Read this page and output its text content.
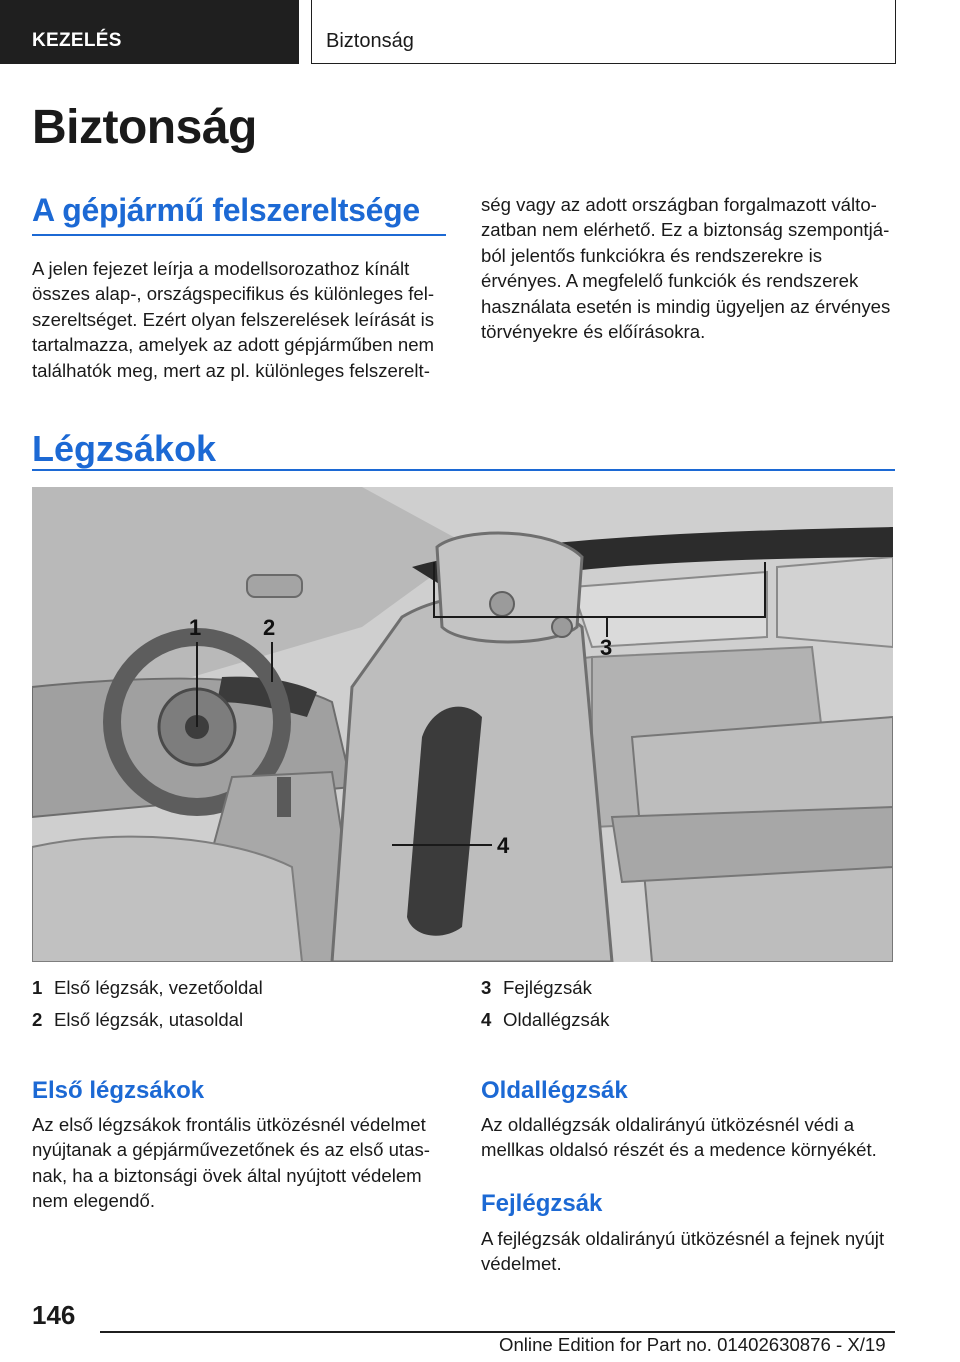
KEZELÉS	Biztonság
Biztonság
A gépjármű felszereltsége
A jelen fejezet leírja a modellsorozathoz kínált összes alap-, országspecifikus és különleges fel-szereltséget. Ezért olyan felszerelések leírását is tartalmazza, amelyek az adott gépjárműben nem találhatók meg, mert az pl. különleges felszerelt-
ség vagy az adott országban forgalmazott válto-zatban nem elérhető. Ez a biztonság szempontjá-ból jelentős funkciókra és rendszerekre is érvényes. A megfelelő funkciók és rendszerek használata esetén is mindig ügyeljen az érvényes törvényekre és előírásokra.
Légzsákok
1	2
3
4
1 Első légzsák, vezetőoldal
2 Első légzsák, utasoldal
3 Fejlégzsák
4 Oldallégzsák
Első légzsákok
Az első légzsákok frontális ütközésnél védelmet nyújtanak a gépjárművezetőnek és az első utas-nak, ha a biztonsági övek által nyújtott védelem nem elegendő.
Oldallégzsák
Az oldallégzsák oldalirányú ütközésnél védi a mellkas oldalsó részét és a medence környékét.
Fejlégzsák
A fejlégzsák oldalirányú ütközésnél a fejnek nyújt védelmet.
146
Online Edition for Part no. 01402630876 - X/19
